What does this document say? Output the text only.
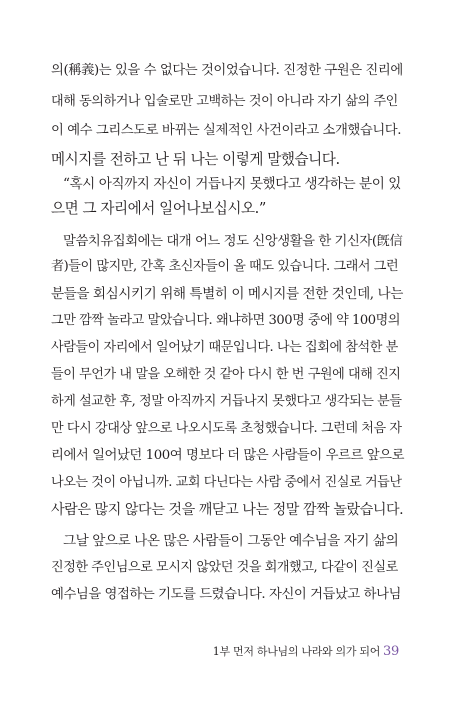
의(稱義)는 있을 수 없다는 것이었습니다. 진정한 구원은 진리에
대해 동의하거나 입술로만 고백하는 것이 아니라 자기 삶의 주인
이 예수 그리스도로 바뀌는 실제적인 사건이라고 소개했습니다.
메시지를 전하고 난 뒤 나는 이렇게 말했습니다.
“혹시 아직까지 자신이 거듭나지 못했다고 생각하는 분이 있
으면 그 자리에서 일어나보십시오.”
말씀치유집회에는 대개 어느 정도 신앙생활을 한 기신자(旣信
者)들이 많지만, 간혹 초신자들이 올 때도 있습니다. 그래서 그런
분들을 회심시키기 위해 특별히 이 메시지를 전한 것인데, 나는
그만 깜짝 놀라고 말았습니다. 왜냐하면 300명 중에 약 100명의
사람들이 자리에서 일어났기 때문입니다. 나는 집회에 참석한 분
들이 무언가 내 말을 오해한 것 같아 다시 한 번 구원에 대해 진지
하게 설교한 후, 정말 아직까지 거듭나지 못했다고 생각되는 분들
만 다시 강대상 앞으로 나오시도록 초청했습니다. 그런데 처음 자
리에서 일어났던 100여 명보다 더 많은 사람들이 우르르 앞으로
나오는 것이 아닙니까. 교회 다닌다는 사람 중에서 진실로 거듭난
사람은 많지 않다는 것을 깨닫고 나는 정말 깜짝 놀랐습니다.
그날 앞으로 나온 많은 사람들이 그동안 예수님을 자기 삶의
진정한 주인님으로 모시지 않았던 것을 회개했고, 다같이 진실로
예수님을 영접하는 기도를 드렸습니다. 자신이 거듭났고 하나님
1부 먼저 하나님의 나라와 의가 되어 39
